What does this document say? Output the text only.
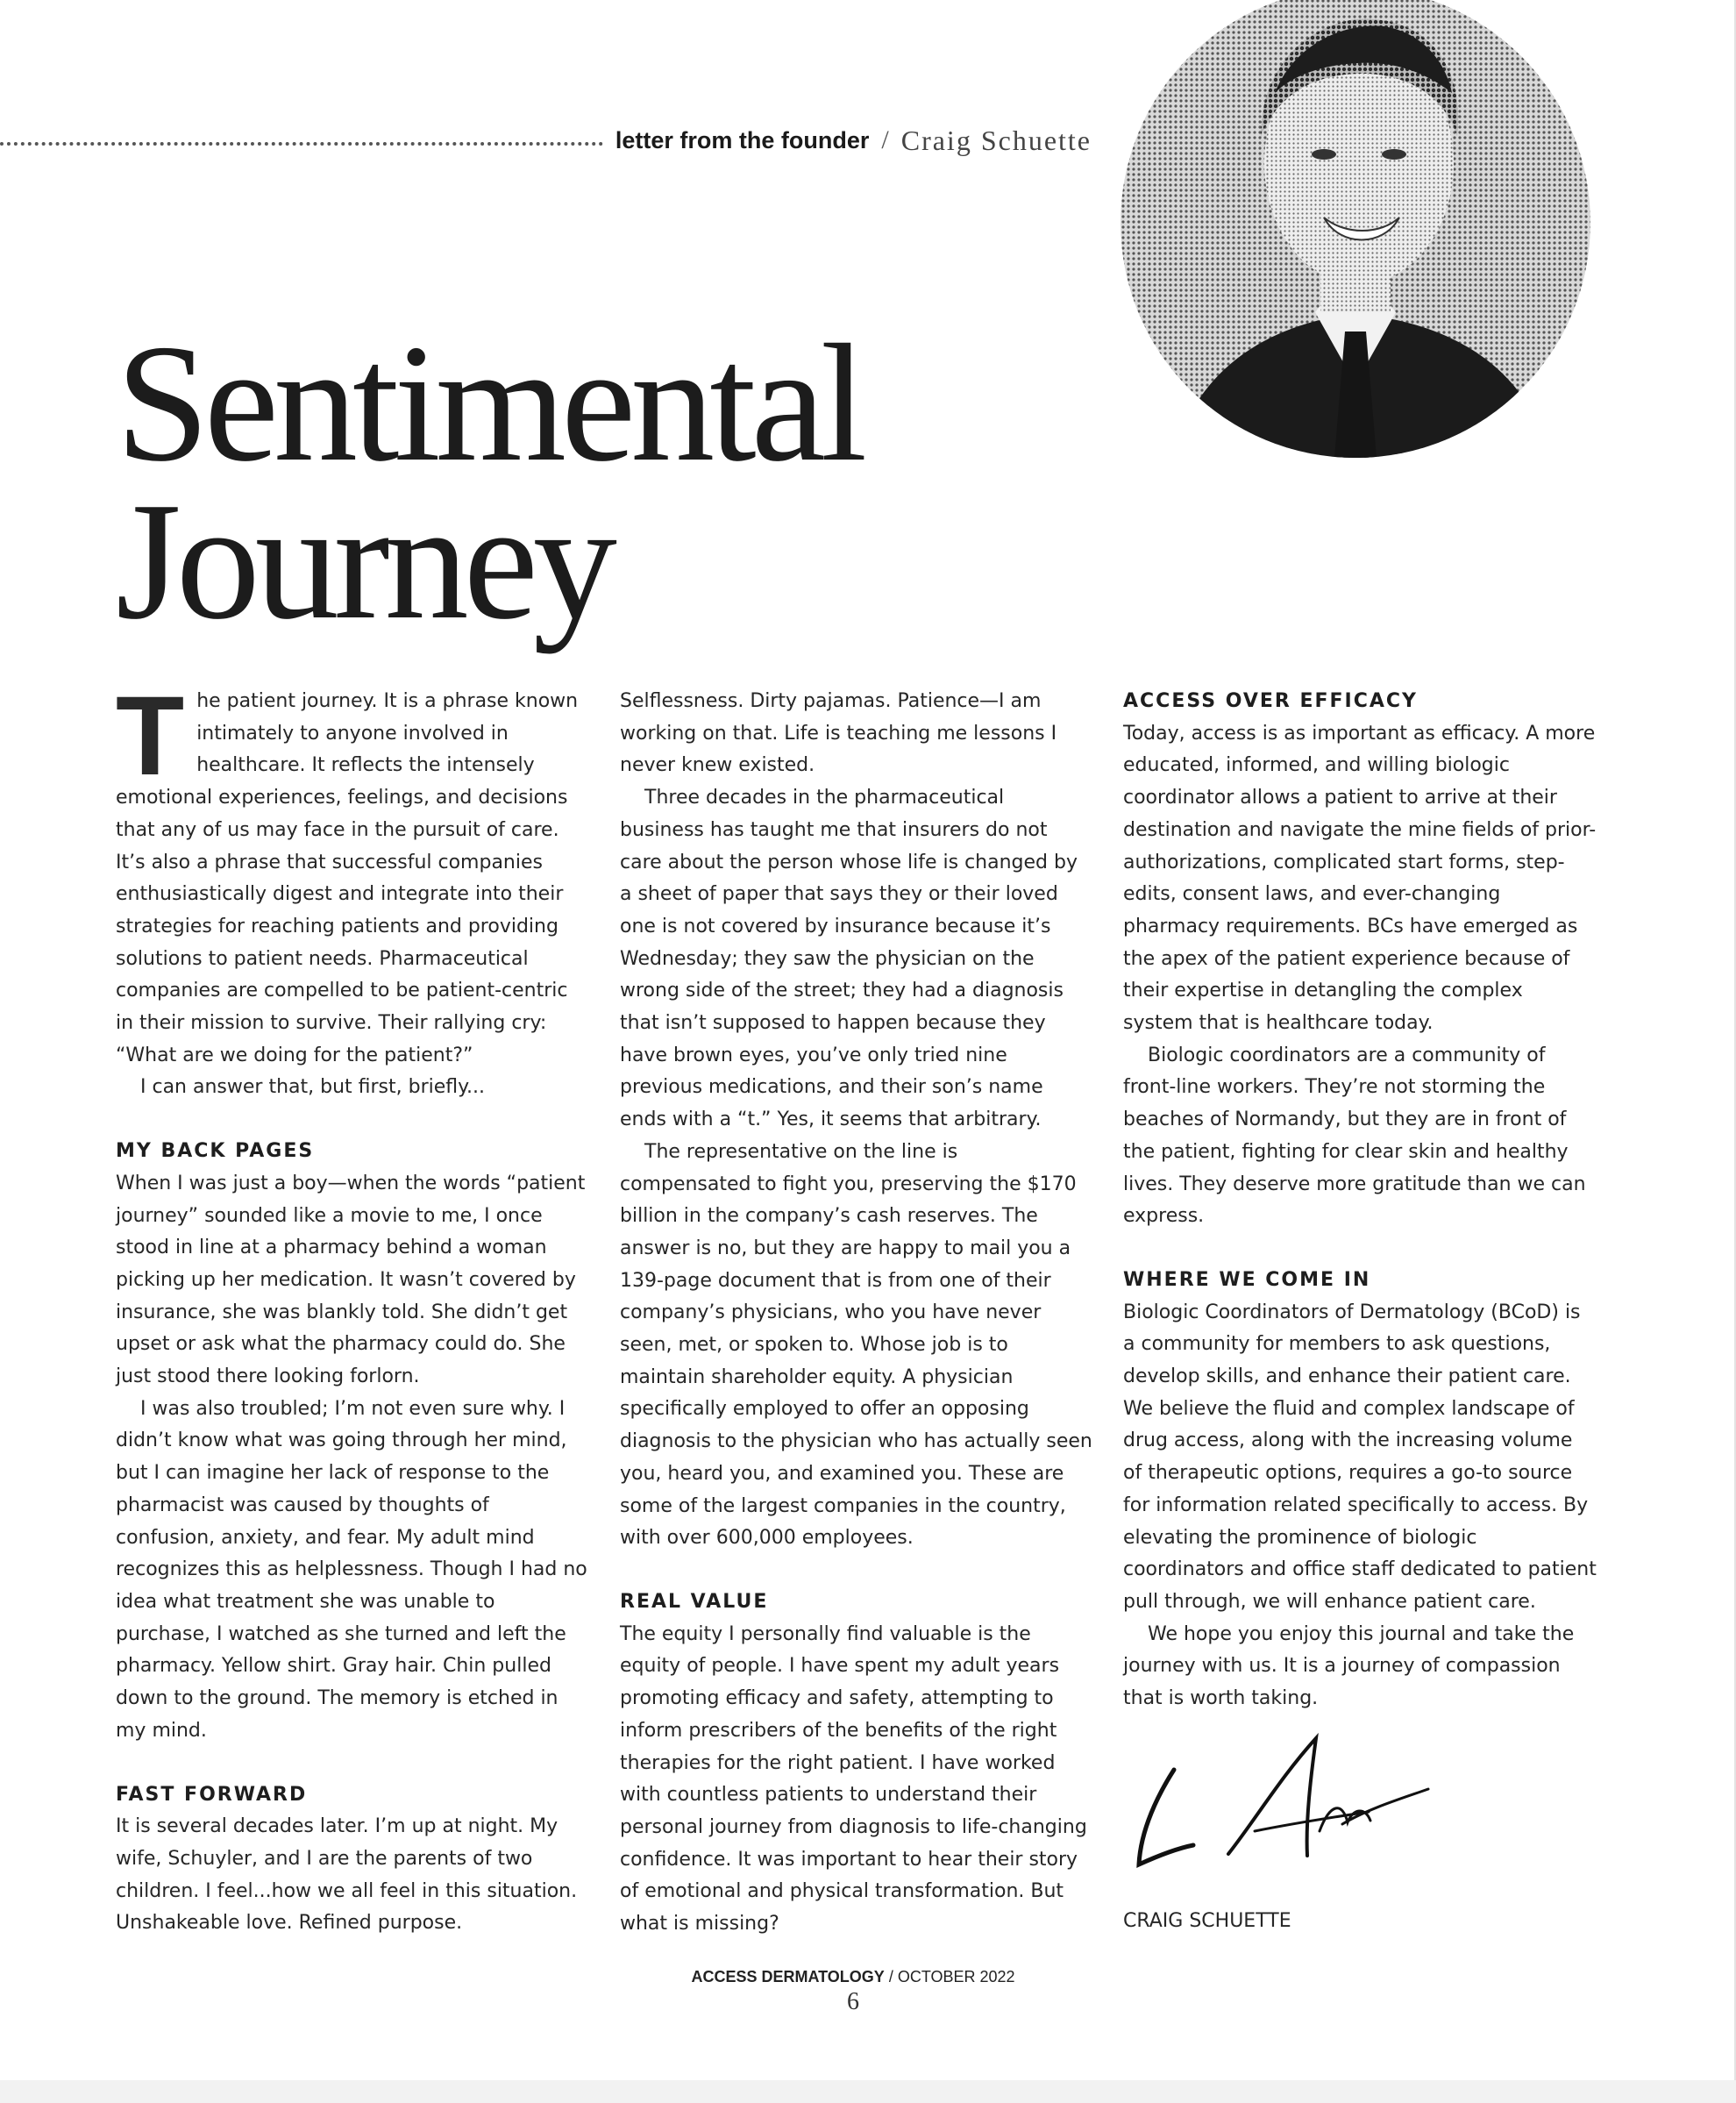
letter from the founder / Craig Schuette
Sentimental
Journey

The patient journey. It is a phrase known intimately to anyone involved in healthcare. It reflects the intensely emotional experiences, feelings, and decisions that any of us may face in the pursuit of care. It’s also a phrase that successful companies enthusiastically digest and integrate into their strategies for reaching patients and providing solutions to patient needs. Pharmaceutical companies are compelled to be patient-centric in their mission to survive. Their rallying cry: “What are we doing for the patient?”

I can answer that, but first, briefly...

MY BACK PAGES

When I was just a boy—when the words “patient journey” sounded like a movie to me, I once stood in line at a pharmacy behind a woman picking up her medication. It wasn’t covered by insurance, she was blankly told. She didn’t get upset or ask what the pharmacy could do. She just stood there looking forlorn.

I was also troubled; I’m not even sure why. I didn’t know what was going through her mind, but I can imagine her lack of response to the pharmacist was caused by thoughts of confusion, anxiety, and fear. My adult mind recognizes this as helplessness. Though I had no idea what treatment she was unable to purchase, I watched as she turned and left the pharmacy. Yellow shirt. Gray hair. Chin pulled down to the ground. The memory is etched in my mind.

FAST FORWARD

It is several decades later. I’m up at night. My wife, Schuyler, and I are the parents of two children. I feel...how we all feel in this situation. Unshakeable love. Refined purpose.

Selflessness. Dirty pajamas. Patience—I am working on that. Life is teaching me lessons I never knew existed.

Three decades in the pharmaceutical business has taught me that insurers do not care about the person whose life is changed by a sheet of paper that says they or their loved one is not covered by insurance because it’s Wednesday; they saw the physician on the wrong side of the street; they had a diagnosis that isn’t supposed to happen because they have brown eyes, you’ve only tried nine previous medications, and their son’s name ends with a “t.” Yes, it seems that arbitrary.

The representative on the line is compensated to fight you, preserving the $170 billion in the company’s cash reserves. The answer is no, but they are happy to mail you a 139-page document that is from one of their company’s physicians, who you have never seen, met, or spoken to. Whose job is to maintain shareholder equity. A physician specifically employed to offer an opposing diagnosis to the physician who has actually seen you, heard you, and examined you. These are some of the largest companies in the country, with over 600,000 employees.

REAL VALUE

The equity I personally find valuable is the equity of people. I have spent my adult years promoting efficacy and safety, attempting to inform prescribers of the benefits of the right therapies for the right patient. I have worked with countless patients to understand their personal journey from diagnosis to life-changing confidence. It was important to hear their story of emotional and physical transformation. But what is missing?

ACCESS OVER EFFICACY

Today, access is as important as efficacy. A more educated, informed, and willing biologic coordinator allows a patient to arrive at their destination and navigate the mine fields of prior-authorizations, complicated start forms, step-edits, consent laws, and ever-changing pharmacy requirements. BCs have emerged as the apex of the patient experience because of their expertise in detangling the complex system that is healthcare today.

Biologic coordinators are a community of front-line workers. They’re not storming the beaches of Normandy, but they are in front of the patient, fighting for clear skin and healthy lives. They deserve more gratitude than we can express.

WHERE WE COME IN

Biologic Coordinators of Dermatology (BCoD) is a community for members to ask questions, develop skills, and enhance their patient care. We believe the fluid and complex landscape of drug access, along with the increasing volume of therapeutic options, requires a go-to source for information related specifically to access. By elevating the prominence of biologic coordinators and office staff dedicated to patient pull through, we will enhance patient care.

We hope you enjoy this journal and take the journey with us. It is a journey of compassion that is worth taking.

CRAIG SCHUETTE
ACCESS DERMATOLOGY / OCTOBER 2022
6
